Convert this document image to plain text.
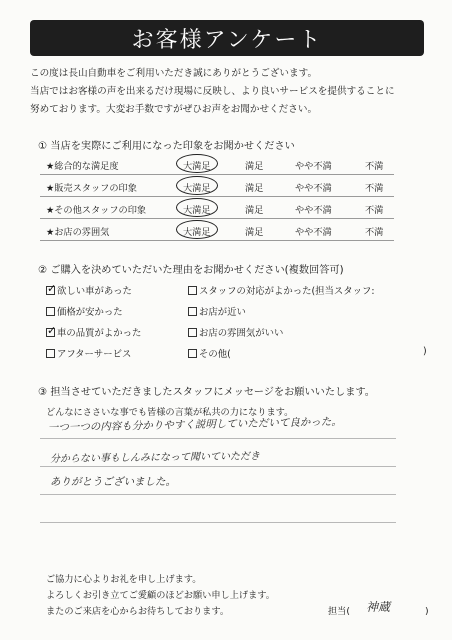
お客様アンケート
この度は長山自動車をご利用いただき誠にありがとうございます。
当店ではお客様の声を出来るだけ現場に反映し、より良いサービスを提供することに
努めております。大変お手数ですがぜひお声をお聞かせください。
① 当店を実際にご利用になった印象をお聞かせください
★総合的な満足度	大満足	満足	やや不満	不満
★販売スタッフの印象	大満足	満足	やや不満	不満
★その他スタッフの印象	大満足	満足	やや不満	不満
★お店の雰囲気	大満足	満足	やや不満	不満
② ご購入を決めていただいた理由をお聞かせください(複数回答可)
✓ 欲しい車があった
価格が安かった
✓ 車の品質がよかった
アフターサービス
スタッフの対応がよかった(担当スタッフ:
お店が近い
お店の雰囲気がいい
その他(	)
③ 担当させていただきましたスタッフにメッセージをお願いいたします。
どんなにささいな事でも皆様の言葉が私共の力になります。
一つ一つの内容も分かりやすく説明していただいて良かった。
分からない事もしんみになって聞いていただき
ありがとうございました。
ご協力に心よりお礼を申し上げます。
よろしくお引き立てご愛顧のほどお願い申し上げます。
またのご来店を心からお待ちしております。	担当( 神蔵	)
